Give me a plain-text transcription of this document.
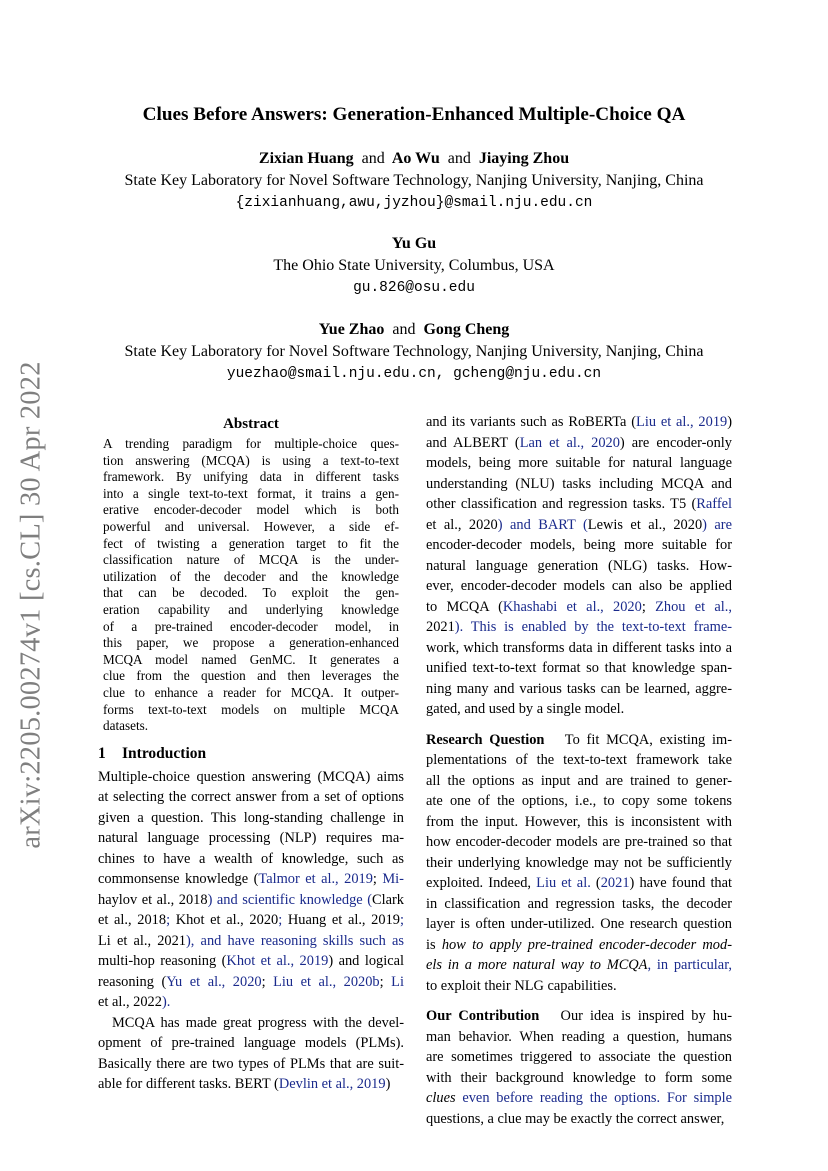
arXiv:2205.00274v1 [cs.CL] 30 Apr 2022
Clues Before Answers: Generation-Enhanced Multiple-Choice QA
Zixian Huang and Ao Wu and Jiaying Zhou
State Key Laboratory for Novel Software Technology, Nanjing University, Nanjing, China
{zixianhuang,awu,jyzhou}@smail.nju.edu.cn
Yu Gu
The Ohio State University, Columbus, USA
gu.826@osu.edu
Yue Zhao and Gong Cheng
State Key Laboratory for Novel Software Technology, Nanjing University, Nanjing, China
yuezhao@smail.nju.edu.cn, gcheng@nju.edu.cn
Abstract
A trending paradigm for multiple-choice ques-
tion answering (MCQA) is using a text-to-text
framework. By unifying data in different tasks
into a single text-to-text format, it trains a gen-
erative encoder-decoder model which is both
powerful and universal. However, a side ef-
fect of twisting a generation target to fit the
classification nature of MCQA is the under-
utilization of the decoder and the knowledge
that can be decoded. To exploit the gen-
eration capability and underlying knowledge
of a pre-trained encoder-decoder model, in
this paper, we propose a generation-enhanced
MCQA model named GenMC. It generates a
clue from the question and then leverages the
clue to enhance a reader for MCQA. It outper-
forms text-to-text models on multiple MCQA
datasets.
1 Introduction
Multiple-choice question answering (MCQA) aims
at selecting the correct answer from a set of options
given a question. This long-standing challenge in
natural language processing (NLP) requires ma-
chines to have a wealth of knowledge, such as
commonsense knowledge (Talmor et al., 2019; Mi-
haylov et al., 2018) and scientific knowledge (Clark
et al., 2018; Khot et al., 2020; Huang et al., 2019;
Li et al., 2021), and have reasoning skills such as
multi-hop reasoning (Khot et al., 2019) and logical
reasoning (Yu et al., 2020; Liu et al., 2020b; Li
et al., 2022).
MCQA has made great progress with the devel-
opment of pre-trained language models (PLMs).
Basically there are two types of PLMs that are suit-
able for different tasks. BERT (Devlin et al., 2019)
and its variants such as RoBERTa (Liu et al., 2019)
and ALBERT (Lan et al., 2020) are encoder-only
models, being more suitable for natural language
understanding (NLU) tasks including MCQA and
other classification and regression tasks. T5 (Raffel
et al., 2020) and BART (Lewis et al., 2020) are
encoder-decoder models, being more suitable for
natural language generation (NLG) tasks. How-
ever, encoder-decoder models can also be applied
to MCQA (Khashabi et al., 2020; Zhou et al.,
2021). This is enabled by the text-to-text frame-
work, which transforms data in different tasks into a
unified text-to-text format so that knowledge span-
ning many and various tasks can be learned, aggre-
gated, and used by a single model.
Research Question To fit MCQA, existing im-
plementations of the text-to-text framework take
all the options as input and are trained to gener-
ate one of the options, i.e., to copy some tokens
from the input. However, this is inconsistent with
how encoder-decoder models are pre-trained so that
their underlying knowledge may not be sufficiently
exploited. Indeed, Liu et al. (2021) have found that
in classification and regression tasks, the decoder
layer is often under-utilized. One research question
is how to apply pre-trained encoder-decoder mod-
els in a more natural way to MCQA, in particular,
to exploit their NLG capabilities.
Our Contribution Our idea is inspired by hu-
man behavior. When reading a question, humans
are sometimes triggered to associate the question
with their background knowledge to form some
clues even before reading the options. For simple
questions, a clue may be exactly the correct answer,
